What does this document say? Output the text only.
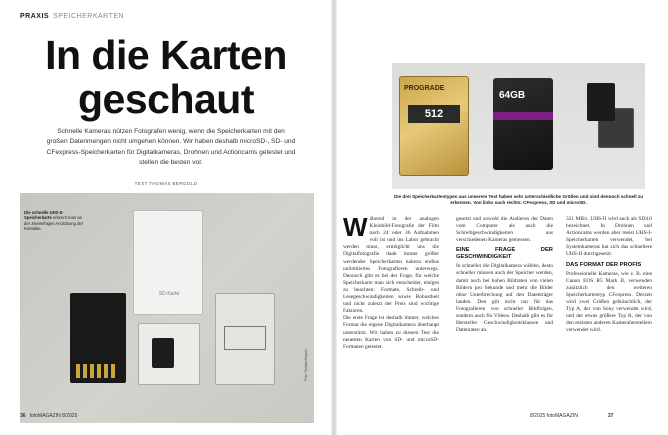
PRAXIS SPEICHERKARTEN
In die Karten
geschaut
Schnelle Kameras nützen Fotografen wenig, wenn die Speicherkarten mit den großen Datenmengen nicht umgehen können. Wir haben deshalb microSD-, SD- und CFexpress-Speicherkarten für Digitalkameras, Drohnen und Actioncams getestet und stellen die besten vor.
TEXT THOMAS BERGOLD
Die schnelle UHS-II-Speicherkarte erkennt man an der zweireihigen Anordnung der Kontakte.
SD-Karte
Foto: Thomas Bergold
36 fotoMAGAZIN 8/2025
PROGRADE
512
64GB
Die drei Speicherkartentypen aus unserem Test haben sehr unterschiedliche Größen und sind dennoch schnell zu erkennen. Von links nach rechts: CFexpress, SD und microSD.
Während in der analogen Kleinbild-Fotografie der Film nach 24 oder 36 Aufnahmen voll ist und ins Labor gebracht werden muss, ermöglicht uns die Digitalfotografie dank immer größer werdender Speicherkarten nahezu endlos unlimitiertes Fotografieren unterwegs. Dennoch gibt es bei der Frage, für welche Speicherkarte man sich entscheidet, einiges zu beachten: Formate, Schreib- und Lesegeschwindigkeiten sowie Robustheit und nicht zuletzt der Preis sind wichtige Faktoren.

Die erste Frage ist deshalb immer, welches Format die eigene Digitalkamera überhaupt unterstützt. Wir haben zu diesem Test die neuesten Karten von SD- und microSD-Formaten getestet.

gesetzt und sowohl die Audieren der Daten vom Computer als auch die Schreibgeschwindigkeiten aus verschiedenen Kameras gemessen.

EINE FRAGE DER GESCHWINDIGKEIT

In schneller die Digitalkamera wählen, desto schneller müssen auch der Speicher werden, damit auch bei hohen Bildraten von vielen Bildern pro Sekunde und mehr die Bilder ohne Unterbrechung auf den Datenträger landen. Den gilt nicht nur für das Fotografieren von schneller Bildfolgen, sondern auch für Videos. Deshalb gibt es für Hersteller Geschwindigkeitsklassen und Datenraten an.

321 MB/s. UHS-II wird auch als SD4.0 bezeichnet. In Drohnen und Actioncams werden aber meist UHS-I-Speicherkarten verwendet, bei Systemkameras hat sich das schnellere UHS-II durchgesetzt.

DAS FORMAT DER PROFIS

Professionelle Kameras, wie z. B. eine Canon EOS R5 Mark II, verwenden zusätzlich den weiteren Speicherkartentyp CFexpress. Derzeit wird zwei Größen gebräuchlich, der Typ A, der von Sony verwendet wird, und der etwas größere Typ B, der von den meisten anderen Kameraherstellern verwendet wird.

8/2025 fotoMAGAZIN	37
